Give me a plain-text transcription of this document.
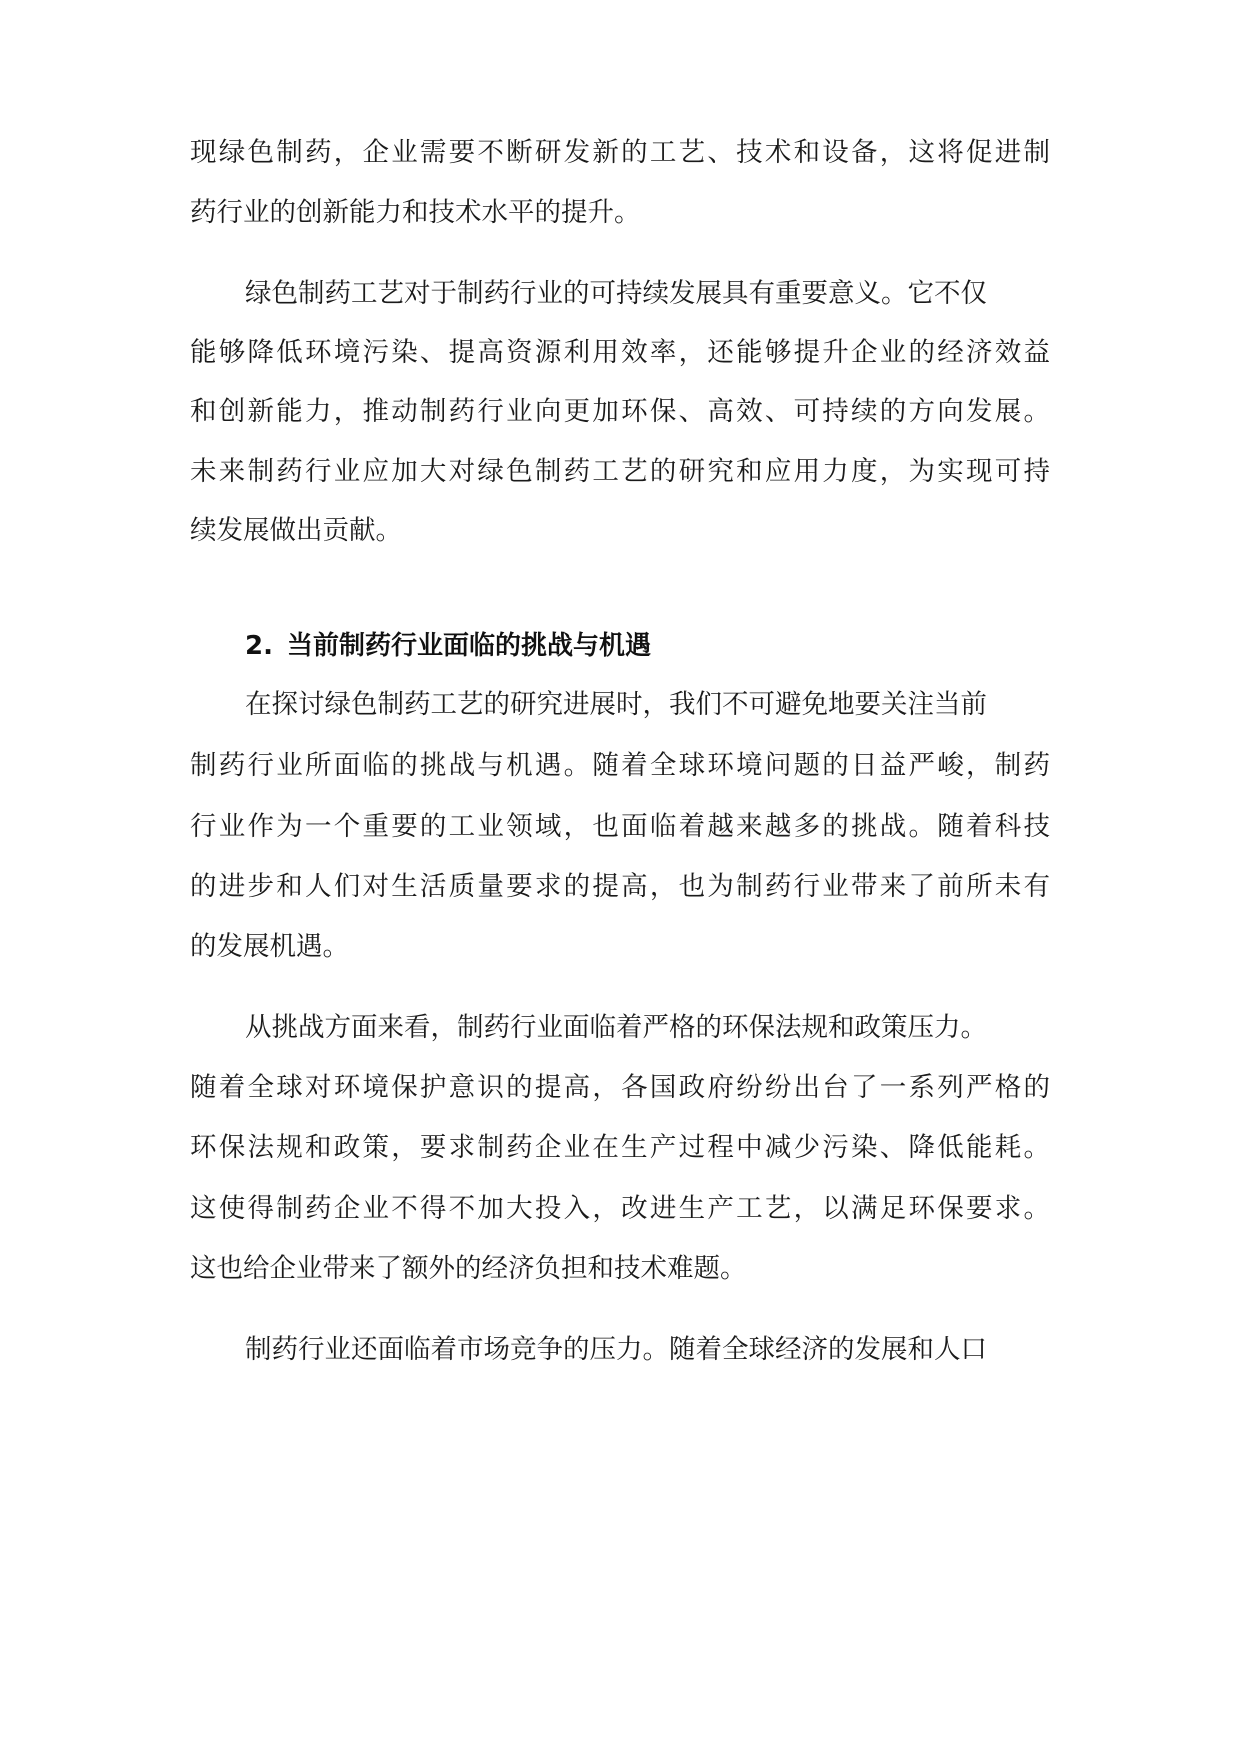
现绿色制药，企业需要不断研发新的工艺、技术和设备，这将促进制

药行业的创新能力和技术水平的提升。

绿色制药工艺对于制药行业的可持续发展具有重要意义。它不仅

能够降低环境污染、提高资源利用效率，还能够提升企业的经济效益

和创新能力，推动制药行业向更加环保、高效、可持续的方向发展。

未来制药行业应加大对绿色制药工艺的研究和应用力度，为实现可持

续发展做出贡献。

2. 当前制药行业面临的挑战与机遇

在探讨绿色制药工艺的研究进展时，我们不可避免地要关注当前

制药行业所面临的挑战与机遇。随着全球环境问题的日益严峻，制药

行业作为一个重要的工业领域，也面临着越来越多的挑战。随着科技

的进步和人们对生活质量要求的提高，也为制药行业带来了前所未有

的发展机遇。

从挑战方面来看，制药行业面临着严格的环保法规和政策压力。

随着全球对环境保护意识的提高，各国政府纷纷出台了一系列严格的

环保法规和政策，要求制药企业在生产过程中减少污染、降低能耗。

这使得制药企业不得不加大投入，改进生产工艺，以满足环保要求。

这也给企业带来了额外的经济负担和技术难题。

制药行业还面临着市场竞争的压力。随着全球经济的发展和人口
